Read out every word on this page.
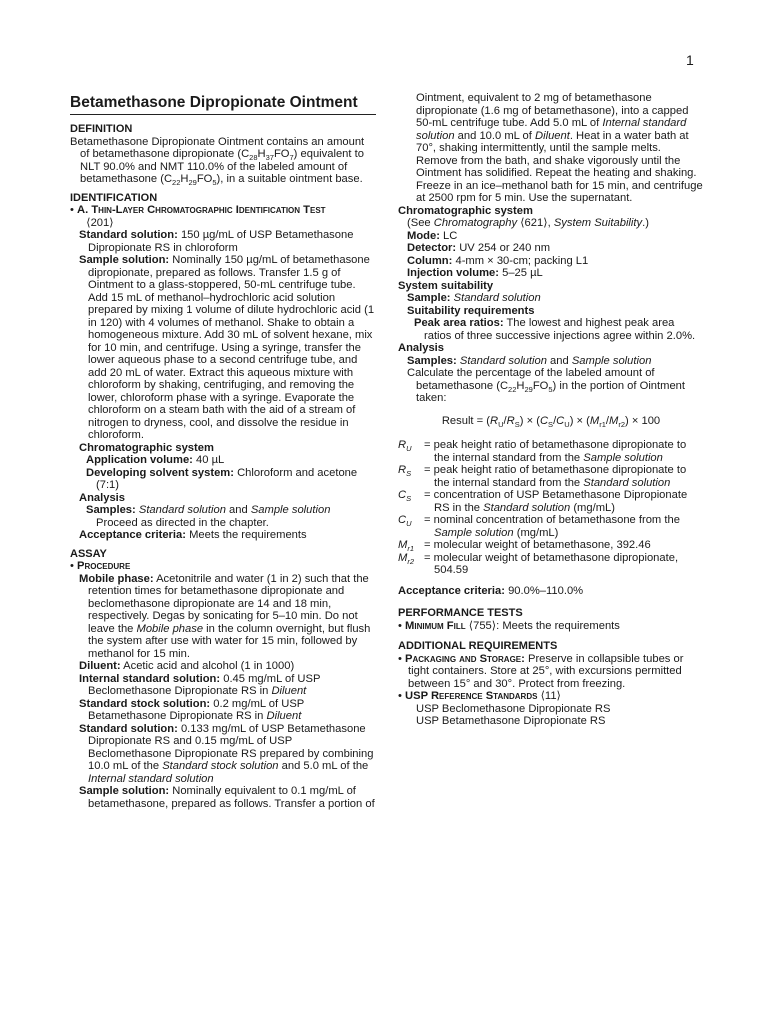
1
Betamethasone Dipropionate Ointment
DEFINITION

Betamethasone Dipropionate Ointment contains an amount of betamethasone dipropionate $(C_{28}H_{37}FO_7)$ equivalent to NLT 90.0% and NMT 110.0% of the labeled amount of betamethasone $(C_{22}H_{29}FO_5)$, in a suitable ointment base.

IDENTIFICATION

• A. Thin-Layer Chromatographic Identification Test
⟨201⟩

Standard solution: 150 µg/mL of USP Betamethasone Dipropionate RS in chloroform

Sample solution: Nominally 150 µg/mL of betamethasone dipropionate, prepared as follows. Transfer 1.5 g of Ointment to a glass-stoppered, 50-mL centrifuge tube. Add 15 mL of methanol–hydrochloric acid solution prepared by mixing 1 volume of dilute hydrochloric acid (1 in 120) with 4 volumes of methanol. Shake to obtain a homogeneous mixture. Add 30 mL of solvent hexane, mix for 10 min, and centrifuge. Using a syringe, transfer the lower aqueous phase to a second centrifuge tube, and add 20 mL of water. Extract this aqueous mixture with chloroform by shaking, centrifuging, and removing the lower, chloroform phase with a syringe. Evaporate the chloroform on a steam bath with the aid of a stream of nitrogen to dryness, cool, and dissolve the residue in chloroform.

Chromatographic system

Application volume: 40 µL

Developing solvent system: Chloroform and acetone (7:1)

Analysis

Samples: Standard solution and Sample solution

Proceed as directed in the chapter.

Acceptance criteria: Meets the requirements

ASSAY

• Procedure

Mobile phase: Acetonitrile and water (1 in 2) such that the retention times for betamethasone dipropionate and beclomethasone dipropionate are 14 and 18 min, respectively. Degas by sonicating for 5–10 min. Do not leave the Mobile phase in the column overnight, but flush the system after use with water for 15 min, followed by methanol for 15 min.

Diluent: Acetic acid and alcohol (1 in 1000)

Internal standard solution: 0.45 mg/mL of USP Beclomethasone Dipropionate RS in Diluent

Standard stock solution: 0.2 mg/mL of USP Betamethasone Dipropionate RS in Diluent

Standard solution: 0.133 mg/mL of USP Betamethasone Dipropionate RS and 0.15 mg/mL of USP Beclomethasone Dipropionate RS prepared by combining 10.0 mL of the Standard stock solution and 5.0 mL of the Internal standard solution

Sample solution: Nominally equivalent to 0.1 mg/mL of betamethasone, prepared as follows. Transfer a portion of

Ointment, equivalent to 2 mg of betamethasone dipropionate (1.6 mg of betamethasone), into a capped 50-mL centrifuge tube. Add 5.0 mL of Internal standard solution and 10.0 mL of Diluent. Heat in a water bath at 70°, shaking intermittently, until the sample melts. Remove from the bath, and shake vigorously until the Ointment has solidified. Repeat the heating and shaking. Freeze in an ice–methanol bath for 15 min, and centrifuge at 2500 rpm for 5 min. Use the supernatant.

Chromatographic system

(See Chromatography ⟨621⟩, System Suitability.)

Mode: LC

Detector: UV 254 or 240 nm

Column: 4-mm × 30-cm; packing L1

Injection volume: 5–25 µL

System suitability

Sample: Standard solution

Suitability requirements

Peak area ratios: The lowest and highest peak area ratios of three successive injections agree within 2.0%.

Analysis

Samples: Standard solution and Sample solution

Calculate the percentage of the labeled amount of betamethasone $(C_{22}H_{29}FO_5)$ in the portion of Ointment taken:

Result = $(R_U/R_S) \times (C_S/C_U) \times (M_{r1}/M_{r2}) \times 100$

$R_U$	= peak height ratio of betamethasone dipropionate to the internal standard from the Sample solution
$R_S$	= peak height ratio of betamethasone dipropionate to the internal standard from the Standard solution
$C_S$	= concentration of USP Betamethasone Dipropionate RS in the Standard solution (mg/mL)
$C_U$	= nominal concentration of betamethasone from the Sample solution (mg/mL)
$M_{r1}$ = molecular weight of betamethasone, 392.46
$M_{r2}$ = molecular weight of betamethasone dipropionate, 504.59

Acceptance criteria: 90.0%–110.0%

PERFORMANCE TESTS

• Minimum Fill ⟨755⟩: Meets the requirements

ADDITIONAL REQUIREMENTS

• Packaging and Storage: Preserve in collapsible tubes or tight containers. Store at 25°, with excursions permitted between 15° and 30°. Protect from freezing.

• USP Reference Standards ⟨11⟩

USP Beclomethasone Dipropionate RS

USP Betamethasone Dipropionate RS
